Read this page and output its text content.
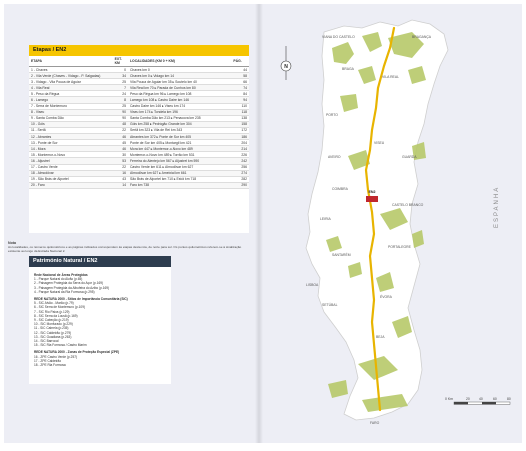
Etapas / EN2
ETAPA	EXT. KM	LOCALIDADES (KM 0 + KM)	PÁG.
1 - Chaves	0	Chaves km 0	44
2 - Vila Verde (Chaves - Vidago - P. Salgadas)	34	Chaves km 0 ▸ Vidago km 14	58
3 - Vidago - Vila Pouca de Aguiar	25	Vila Pouca de Aguiar km 35 ▸ Soutelo km 40	66
4 - Vila Real	7	Vila Real km 70 ▸ Parada de Cunhos km 80	74
5 - Peso da Régua	24	Peso da Régua km 96 ▸ Lamego km 108	84
6 - Lamego	8	Lamego km 108 ▸ Castro Daire km 146	94
7 - Serra de Montemuro	25	Castro Daire km 146 ▸ Viseu km 174	110
8 - Viseu	90	Viseu km 174 ▸ Tondela km 196	118
9 - Santa Comba Dão	90	Santa Comba Dão km 213 ▸ Penacova km 235	138
10 - Góis	48	Góis km 258 ▸ Pedrógão Grande km 304	158
11 - Sertã	22	Sertã km 323 ▸ Vila de Rei km 343	172
12 - Abrantes	46	Abrantes km 372 ▸ Ponte de Sor km 405	186
13 - Ponte de Sor	45	Ponte de Sor km 405 ▸ Montargil km 421	204
14 - Mora	46	Mora km 447 ▸ Montemor-o-Novo km 489	214
15 - Montemor-o-Novo	30	Montemor-o-Novo km 489 ▸ Torrão km 531	226
16 - Aljustrel	53	Ferreira do Alentejo km 567 ▸ Aljustrel km 590	242
17 - Castro Verde	22	Castro Verde km 611 ▸ Almodôvar km 627	256
18 - Almodôvar	16	Almodôvar km 627 ▸ Ameixial km 661	274
19 - São Brás de Alportel	43	São Brás de Alportel km 710 ▸ Estói km 718	282
20 - Faro	14	Faro km 738	290
Nota
As localidades, os números quilométricos e as páginas indicados correspondem às etapas desta rota, de norte para sul. Os pontos quilométricos referem-se à sinalização existente ao longo da Estrada Nacional 2.
Património Natural / EN2
Rede Nacional de Áreas Protegidas
1 - Parque Natural do Alvão (p.65)
2 - Paisagem Protegida da Serra do Açor (p.169)
3 - Paisagem Protegida da Albufeira do Azibo (p.169)
4 - Parque Natural da Ria Formosa (p.295)
REDE NATURA 2000 - Sítios de Importância Comunitária (SIC)
5 - SIC Alvão - Marão (p.79)
6 - SIC Serra de Montemuro (p.109)
7 - SIC Rio Paiva (p.129)
8 - SIC Serra da Lousã (p.169)
9 - SIC Cabeção (p.219)
10 - SIC Monfurado (p.229)
11 - SIC Cabrela (p.235)
12 - SIC Caldeirão (p.279)
13 - SIC Guadiana (p.263)
14 - SIC Barrocal
15 - SIC Ria Formosa / Castro Marim
REDE NATURA 2000 - Zonas de Proteção Especial (ZPE)
16 - ZPE Castro Verde (p.257)
17 - ZPE Caldeirão
18 - ZPE Ria Formosa
ESPANHA
N
EN2
VIANA DO CASTELO
BRAGA
VILA REAL
BRAGANÇA
PORTO
VISEU
GUARDA
AVEIRO
COIMBRA
CASTELO BRANCO
LEIRIA
SANTARÉM
PORTALEGRE
LISBOA
SETÚBAL
ÉVORA
BEJA
FARO
0 Km	20	40	60	80
